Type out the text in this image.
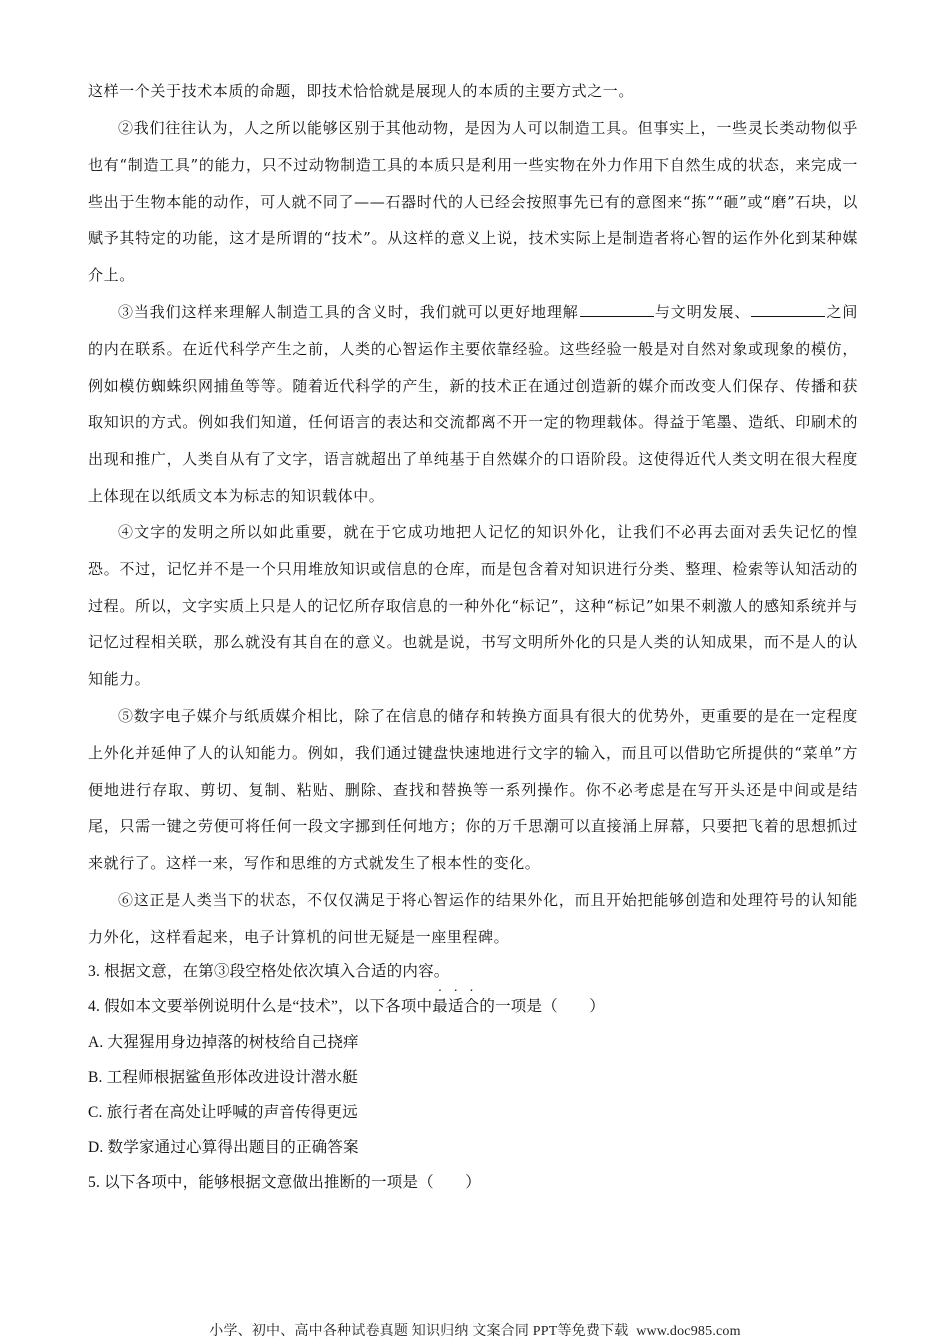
这样一个关于技术本质的命题，即技术恰恰就是展现人的本质的主要方式之一。
②我们往往认为，人之所以能够区别于其他动物，是因为人可以制造工具。但事实上，一些灵长类动物似乎也有“制造工具”的能力，只不过动物制造工具的本质只是利用一些实物在外力作用下自然生成的状态，来完成一些出于生物本能的动作，可人就不同了——石器时代的人已经会按照事先已有的意图来“拣”“砸”或“磨”石块，以赋予其特定的功能，这才是所谓的“技术”。从这样的意义上说，技术实际上是制造者将心智的运作外化到某种媒介上。
③当我们这样来理解人制造工具的含义时，我们就可以更好地理解	与文明发展、	之间的内在联系。在近代科学产生之前，人类的心智运作主要依靠经验。这些经验一般是对自然对象或现象的模仿，例如模仿蜘蛛织网捕鱼等等。随着近代科学的产生，新的技术正在通过创造新的媒介而改变人们保存、传播和获取知识的方式。例如我们知道，任何语言的表达和交流都离不开一定的物理载体。得益于笔墨、造纸、印刷术的出现和推广，人类自从有了文字，语言就超出了单纯基于自然媒介的口语阶段。这使得近代人类文明在很大程度上体现在以纸质文本为标志的知识载体中。
④文字的发明之所以如此重要，就在于它成功地把人记忆的知识外化，让我们不必再去面对丢失记忆的惶恐。不过，记忆并不是一个只用堆放知识或信息的仓库，而是包含着对知识进行分类、整理、检索等认知活动的过程。所以，文字实质上只是人的记忆所存取信息的一种外化“标记”，这种“标记”如果不刺激人的感知系统并与记忆过程相关联，那么就没有其自在的意义。也就是说，书写文明所外化的只是人类的认知成果，而不是人的认知能力。
⑤数字电子媒介与纸质媒介相比，除了在信息的储存和转换方面具有很大的优势外，更重要的是在一定程度上外化并延伸了人的认知能力。例如，我们通过键盘快速地进行文字的输入，而且可以借助它所提供的“菜单”方便地进行存取、剪切、复制、粘贴、删除、查找和替换等一系列操作。你不必考虑是在写开头还是中间或是结尾，只需一键之劳便可将任何一段文字挪到任何地方；你的万千思潮可以直接涌上屏幕，只要把飞着的思想抓过来就行了。这样一来，写作和思维的方式就发生了根本性的变化。
⑥这正是人类当下的状态，不仅仅满足于将心智运作的结果外化，而且开始把能够创造和处理符号的认知能力外化，这样看起来，电子计算机的问世无疑是一座里程碑。
3. 根据文意，在第③段空格处依次填入合适的内容。
4. 假如本文要举例说明什么是“技术”，以下各项中最适合的一项是（　　）
A. 大猩猩用身边掉落的树枝给自己挠痒
B. 工程师根据鲨鱼形体改进设计潜水艇
C. 旅行者在高处让呼喊的声音传得更远
D. 数学家通过心算得出题目的正确答案
5. 以下各项中，能够根据文意做出推断的一项是（　　）
小学、初中、高中各种试卷真题 知识归纳 文案合同 PPT等免费下载 www.doc985.com
